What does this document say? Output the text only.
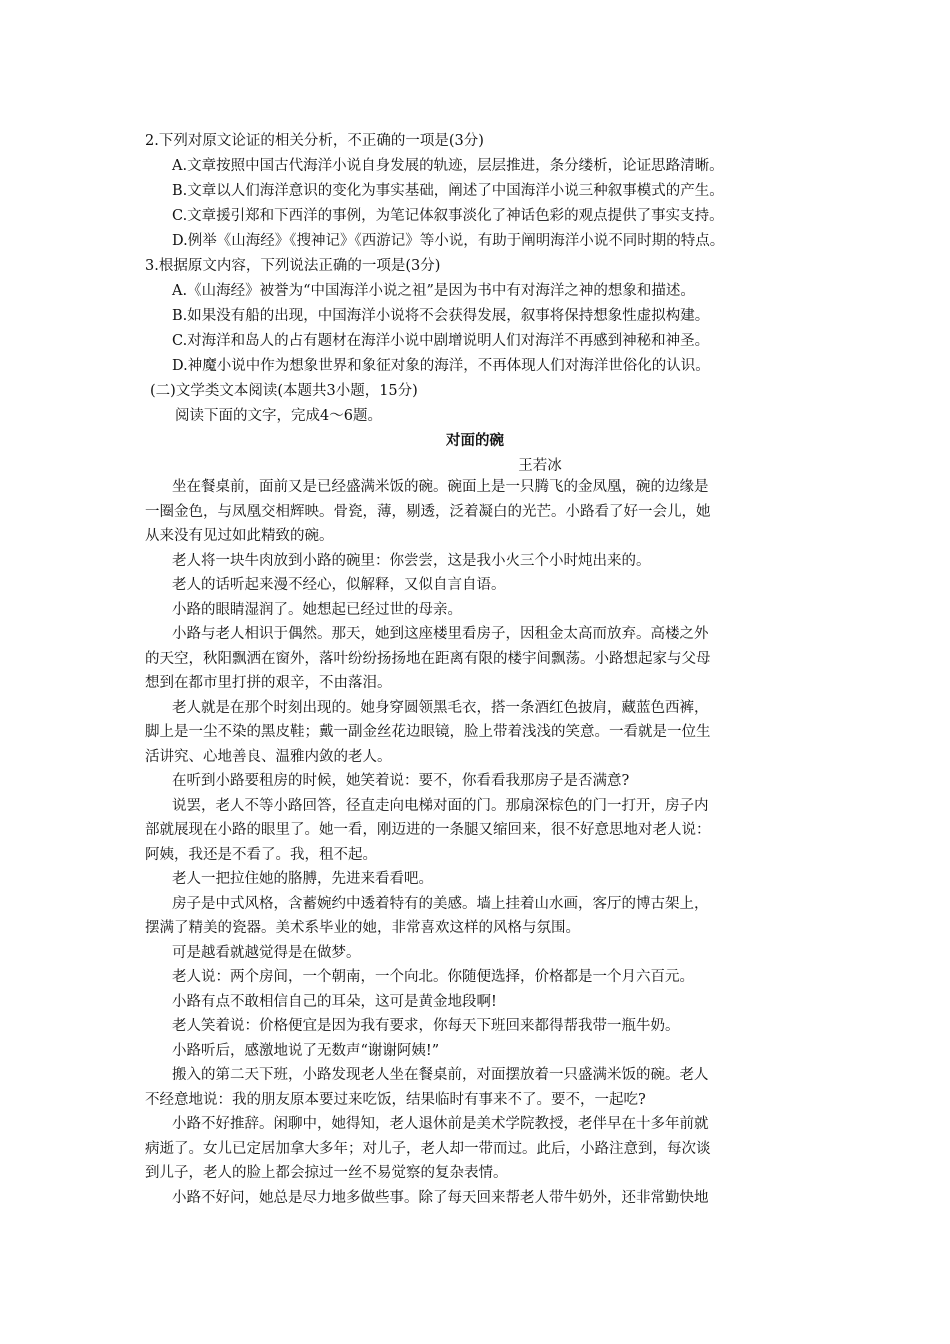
2.下列对原文论证的相关分析，不正确的一项是(3分)
A.文章按照中国古代海洋小说自身发展的轨迹，层层推进，条分缕析，论证思路清晰。
B.文章以人们海洋意识的变化为事实基础，阐述了中国海洋小说三种叙事模式的产生。
C.文章援引郑和下西洋的事例，为笔记体叙事淡化了神话色彩的观点提供了事实支持。
D.例举《山海经》《搜神记》《西游记》等小说，有助于阐明海洋小说不同时期的特点。
3.根据原文内容，下列说法正确的一项是(3分)
A.《山海经》被誉为“中国海洋小说之祖”是因为书中有对海洋之神的想象和描述。
B.如果没有船的出现，中国海洋小说将不会获得发展，叙事将保持想象性虚拟构建。
C.对海洋和岛人的占有题材在海洋小说中剧增说明人们对海洋不再感到神秘和神圣。
D.神魔小说中作为想象世界和象征对象的海洋，不再体现人们对海洋世俗化的认识。
(二)文学类文本阅读(本题共3小题，15分)
阅读下面的文字，完成4～6题。
对面的碗
王若冰
坐在餐桌前，面前又是已经盛满米饭的碗。碗面上是一只腾飞的金凤凰，碗的边缘是
一圈金色，与凤凰交相辉映。骨瓷，薄，剔透，泛着凝白的光芒。小路看了好一会儿，她
从来没有见过如此精致的碗。
老人将一块牛肉放到小路的碗里：你尝尝，这是我小火三个小时炖出来的。
老人的话听起来漫不经心，似解释，又似自言自语。
小路的眼睛湿润了。她想起已经过世的母亲。
小路与老人相识于偶然。那天，她到这座楼里看房子，因租金太高而放弃。高楼之外
的天空，秋阳飘洒在窗外，落叶纷纷扬扬地在距离有限的楼宇间飘荡。小路想起家与父母
想到在都市里打拼的艰辛，不由落泪。
老人就是在那个时刻出现的。她身穿圆领黑毛衣，搭一条酒红色披肩，藏蓝色西裤，
脚上是一尘不染的黑皮鞋；戴一副金丝花边眼镜，脸上带着浅浅的笑意。一看就是一位生
活讲究、心地善良、温雅内敛的老人。
在听到小路要租房的时候，她笑着说：要不，你看看我那房子是否满意?
说罢，老人不等小路回答，径直走向电梯对面的门。那扇深棕色的门一打开，房子内
部就展现在小路的眼里了。她一看，刚迈进的一条腿又缩回来，很不好意思地对老人说：
阿姨，我还是不看了。我，租不起。
老人一把拉住她的胳膊，先进来看看吧。
房子是中式风格，含蓄婉约中透着特有的美感。墙上挂着山水画，客厅的博古架上，
摆满了精美的瓷器。美术系毕业的她，非常喜欢这样的风格与氛围。
可是越看就越觉得是在做梦。
老人说：两个房间，一个朝南，一个向北。你随便选择，价格都是一个月六百元。
小路有点不敢相信自己的耳朵，这可是黄金地段啊!
老人笑着说：价格便宜是因为我有要求，你每天下班回来都得帮我带一瓶牛奶。
小路听后，感激地说了无数声“谢谢阿姨!”
搬入的第二天下班，小路发现老人坐在餐桌前，对面摆放着一只盛满米饭的碗。老人
不经意地说：我的朋友原本要过来吃饭，结果临时有事来不了。要不，一起吃?
小路不好推辞。闲聊中，她得知，老人退休前是美术学院教授，老伴早在十多年前就
病逝了。女儿已定居加拿大多年；对儿子，老人却一带而过。此后，小路注意到，每次谈
到儿子，老人的脸上都会掠过一丝不易觉察的复杂表情。
小路不好问，她总是尽力地多做些事。除了每天回来帮老人带牛奶外，还非常勤快地
